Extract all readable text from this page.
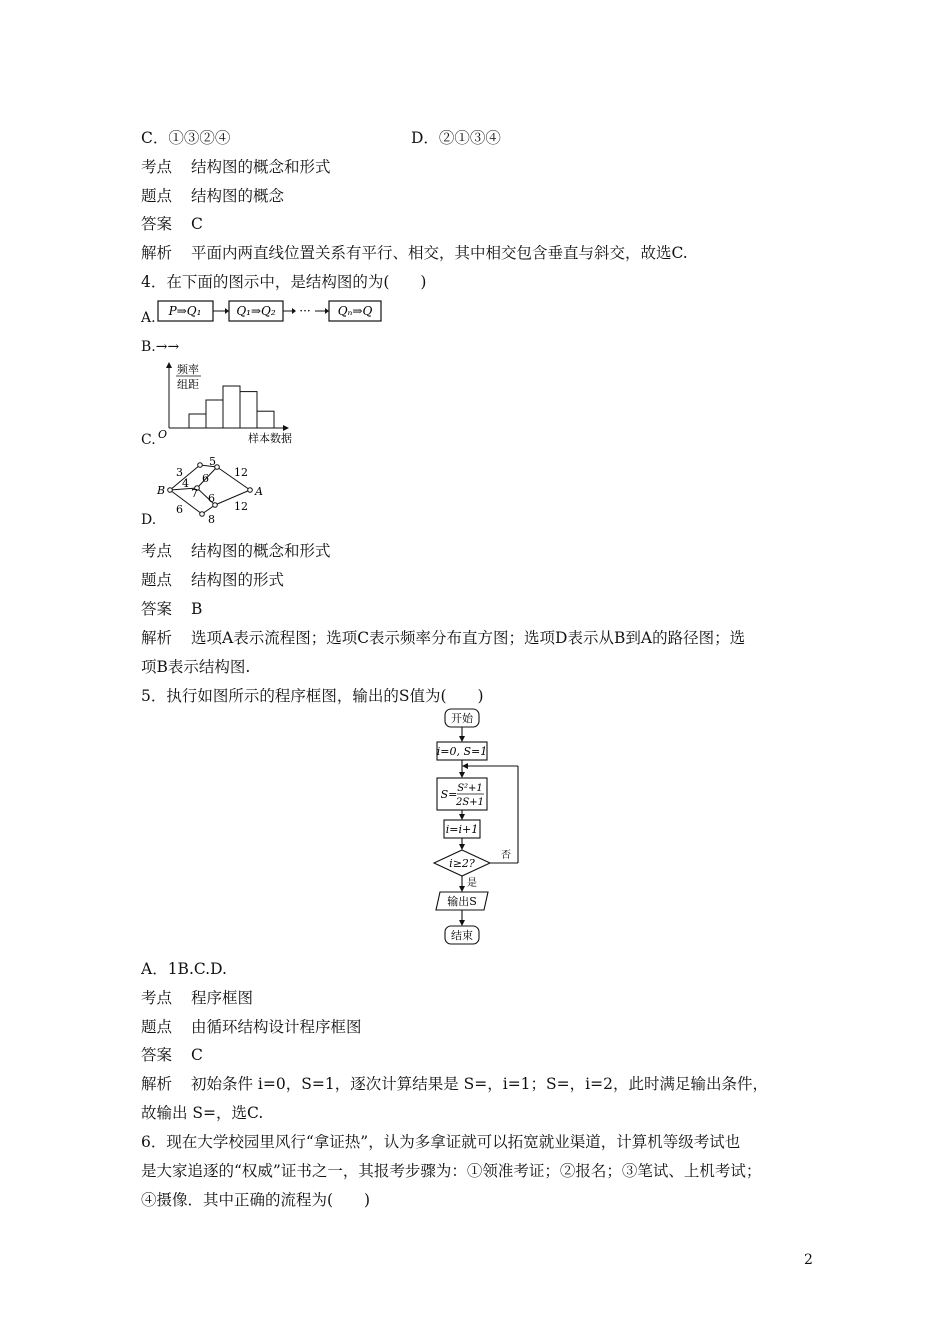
C．①③②④	D．②①③④
考点 结构图的概念和形式
题点 结构图的概念
答案 C
解析 平面内两直线位置关系有平行、相交，其中相交包含垂直与斜交，故选C.
4．在下面的图示中，是结构图的为(　　)
A. P⇒Q₁	Q₁⇒Q₂ ··· Qₙ⇒Q
B.→→
C.
频率
组距
O	样本数据
D.
B	A
3
5
4 6 12
7 6
6
8
12
考点 结构图的概念和形式
题点 结构图的形式
答案 B
解析 选项A表示流程图；选项C表示频率分布直方图；选项D表示从B到A的路径图；选
项B表示结构图.
5．执行如图所示的程序框图，输出的S值为(　　)
开始
i=0, S=1
S= S²+1
2S+1
i=i+1
i≥2?
否
是
输出S
结束
A．1B.C.D.
考点 程序框图
题点 由循环结构设计程序框图
答案 C
解析 初始条件 i=0，S=1，逐次计算结果是 S=，i=1；S=，i=2，此时满足输出条件，
故输出 S=，选C.
6．现在大学校园里风行“拿证热”，认为多拿证就可以拓宽就业渠道，计算机等级考试也
是大家追逐的“权威”证书之一，其报考步骤为：①领准考证；②报名；③笔试、上机考试；
④摄像．其中正确的流程为(　　)
2
